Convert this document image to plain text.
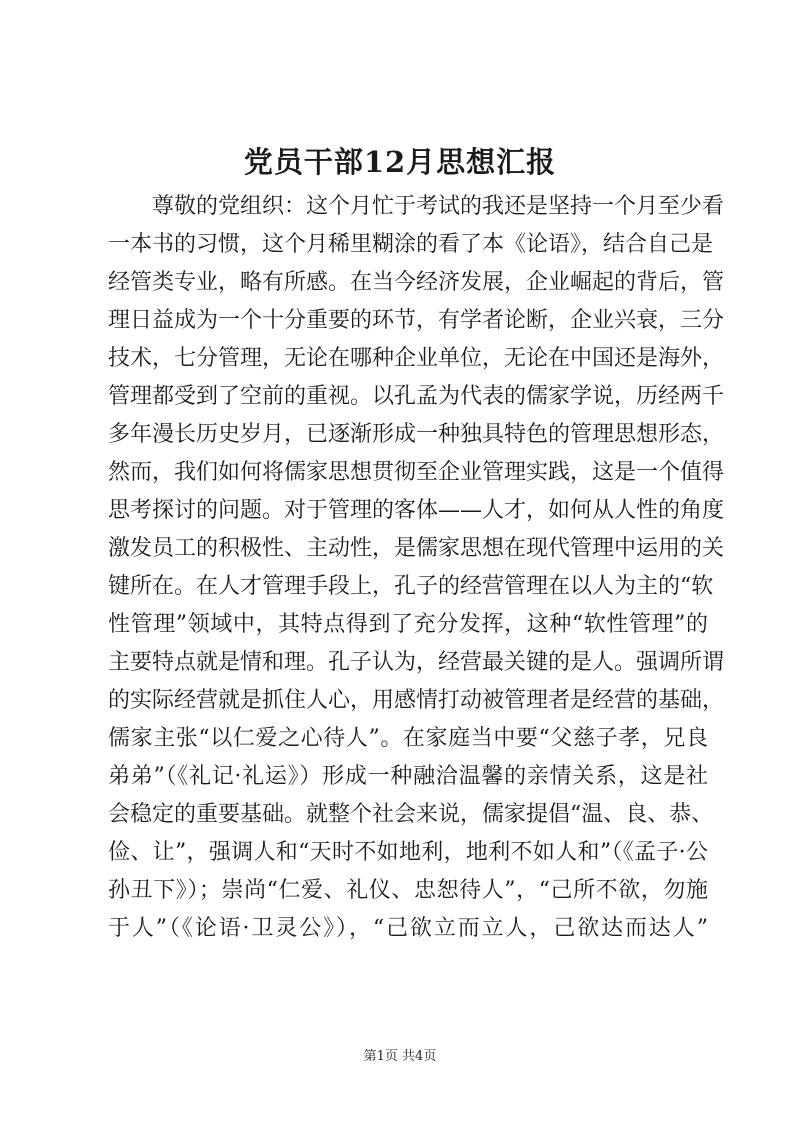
党员干部12月思想汇报
尊敬的党组织：这个月忙于考试的我还是坚持一个月至少看
一本书的习惯，这个月稀里糊涂的看了本《论语》，结合自己是
经管类专业，略有所感。在当今经济发展，企业崛起的背后，管
理日益成为一个十分重要的环节，有学者论断，企业兴衰，三分
技术，七分管理，无论在哪种企业单位，无论在中国还是海外，
管理都受到了空前的重视。以孔孟为代表的儒家学说，历经两千
多年漫长历史岁月，已逐渐形成一种独具特色的管理思想形态，
然而，我们如何将儒家思想贯彻至企业管理实践，这是一个值得
思考探讨的问题。对于管理的客体——人才，如何从人性的角度
激发员工的积极性、主动性，是儒家思想在现代管理中运用的关
键所在。在人才管理手段上，孔子的经营管理在以人为主的“软
性管理”领域中，其特点得到了充分发挥，这种“软性管理”的
主要特点就是情和理。孔子认为，经营最关键的是人。强调所谓
的实际经营就是抓住人心，用感情打动被管理者是经营的基础，
儒家主张“以仁爱之心待人”。在家庭当中要“父慈子孝，兄良
弟弟”（《礼记·礼运》）形成一种融洽温馨的亲情关系，这是社
会稳定的重要基础。就整个社会来说，儒家提倡“温、良、恭、
俭、让”，强调人和“天时不如地利，地利不如人和”（《孟子·公
孙丑下》）；崇尚“仁爱、礼仪、忠恕待人”，“己所不欲，勿施
于人”（《论语·卫灵公》），“己欲立而立人，己欲达而达人”
第1页 共4页
